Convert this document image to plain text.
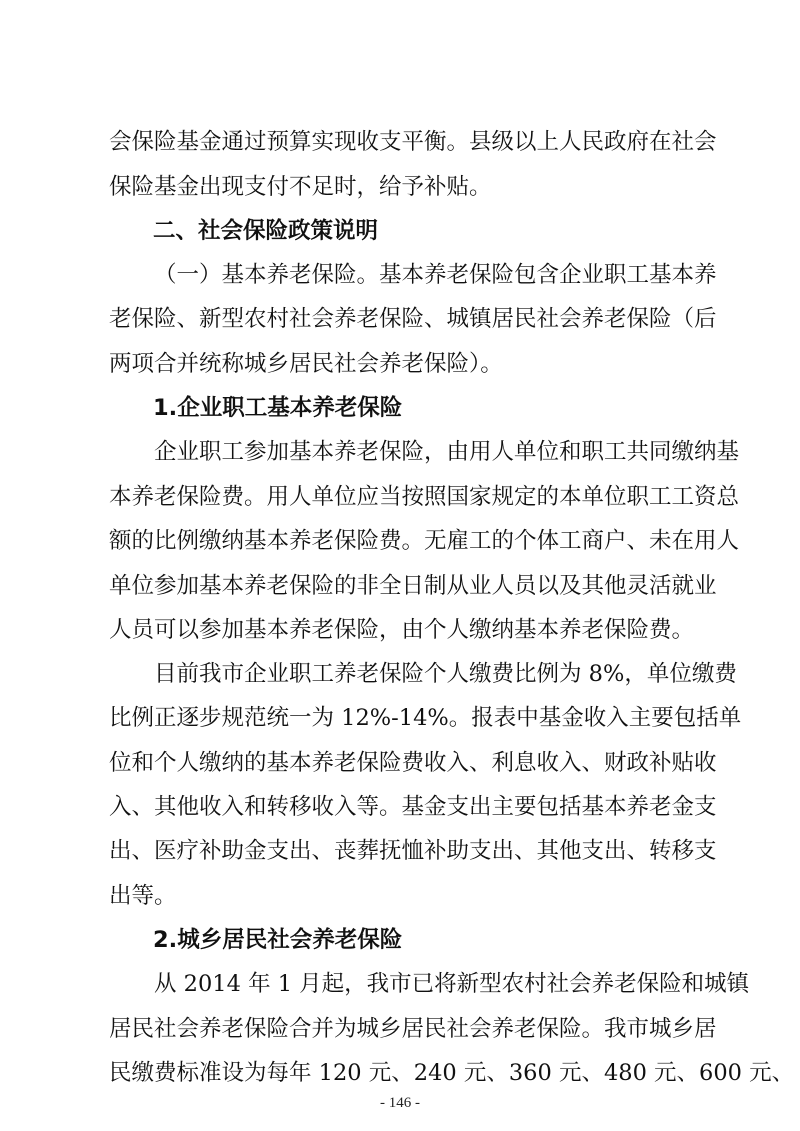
会保险基金通过预算实现收支平衡。县级以上人民政府在社会
保险基金出现支付不足时，给予补贴。
二、社会保险政策说明
（一）基本养老保险。基本养老保险包含企业职工基本养
老保险、新型农村社会养老保险、城镇居民社会养老保险（后
两项合并统称城乡居民社会养老保险）。
1.企业职工基本养老保险
企业职工参加基本养老保险，由用人单位和职工共同缴纳基
本养老保险费。用人单位应当按照国家规定的本单位职工工资总
额的比例缴纳基本养老保险费。无雇工的个体工商户、未在用人
单位参加基本养老保险的非全日制从业人员以及其他灵活就业
人员可以参加基本养老保险，由个人缴纳基本养老保险费。
目前我市企业职工养老保险个人缴费比例为 8%，单位缴费
比例正逐步规范统一为 12%-14%。报表中基金收入主要包括单
位和个人缴纳的基本养老保险费收入、利息收入、财政补贴收
入、其他收入和转移收入等。基金支出主要包括基本养老金支
出、医疗补助金支出、丧葬抚恤补助支出、其他支出、转移支
出等。
2.城乡居民社会养老保险
从 2014 年 1 月起，我市已将新型农村社会养老保险和城镇
居民社会养老保险合并为城乡居民社会养老保险。我市城乡居
民缴费标准设为每年 120 元、240 元、360 元、480 元、600 元、
- 146 -
